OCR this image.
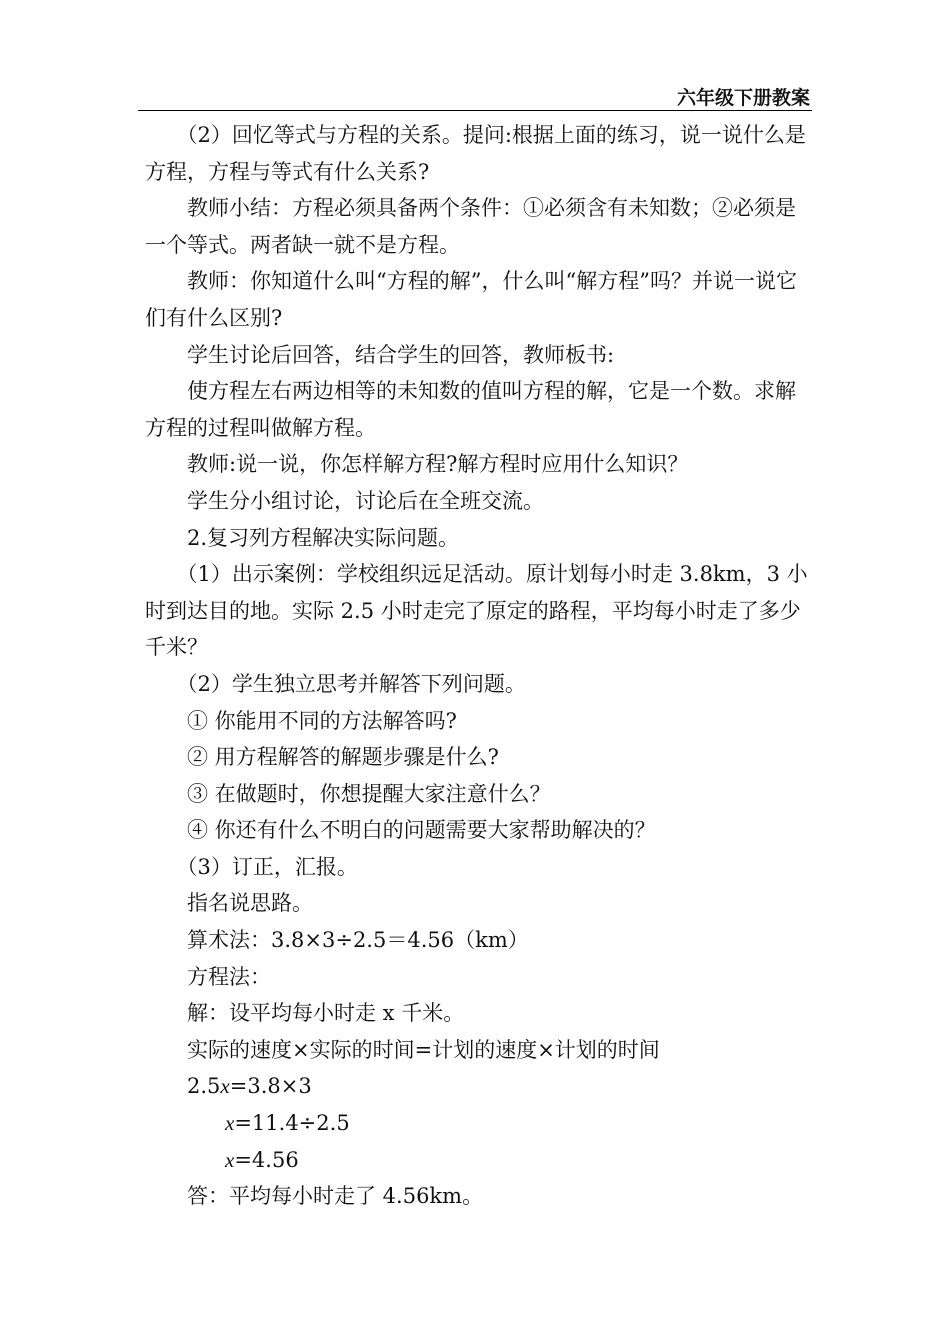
六年级下册教案

（2）回忆等式与方程的关系。提问:根据上面的练习，说一说什么是方程，方程与等式有什么关系?

教师小结：方程必须具备两个条件：①必须含有未知数；②必须是一个等式。两者缺一就不是方程。

教师：你知道什么叫“方程的解”，什么叫“解方程”吗？并说一说它们有什么区别?

学生讨论后回答，结合学生的回答，教师板书:

使方程左右两边相等的未知数的值叫方程的解，它是一个数。求解方程的过程叫做解方程。

教师:说一说，你怎样解方程?解方程时应用什么知识？

学生分小组讨论，讨论后在全班交流。

2.复习列方程解决实际问题。

（1）出示案例：学校组织远足活动。原计划每小时走 3.8km，3 小时到达目的地。实际 2.5 小时走完了原定的路程，平均每小时走了多少千米？

（2）学生独立思考并解答下列问题。

① 你能用不同的方法解答吗?

② 用方程解答的解题步骤是什么?

③ 在做题时，你想提醒大家注意什么？

④ 你还有什么不明白的问题需要大家帮助解决的？

（3）订正，汇报。

指名说思路。

算术法：3.8×3÷2.5＝4.56（km）

方程法：

解：设平均每小时走 x 千米。

实际的速度×实际的时间=计划的速度×计划的时间

2.5x=3.8×3

x=11.4÷2.5

x=4.56

答：平均每小时走了 4.56km。
